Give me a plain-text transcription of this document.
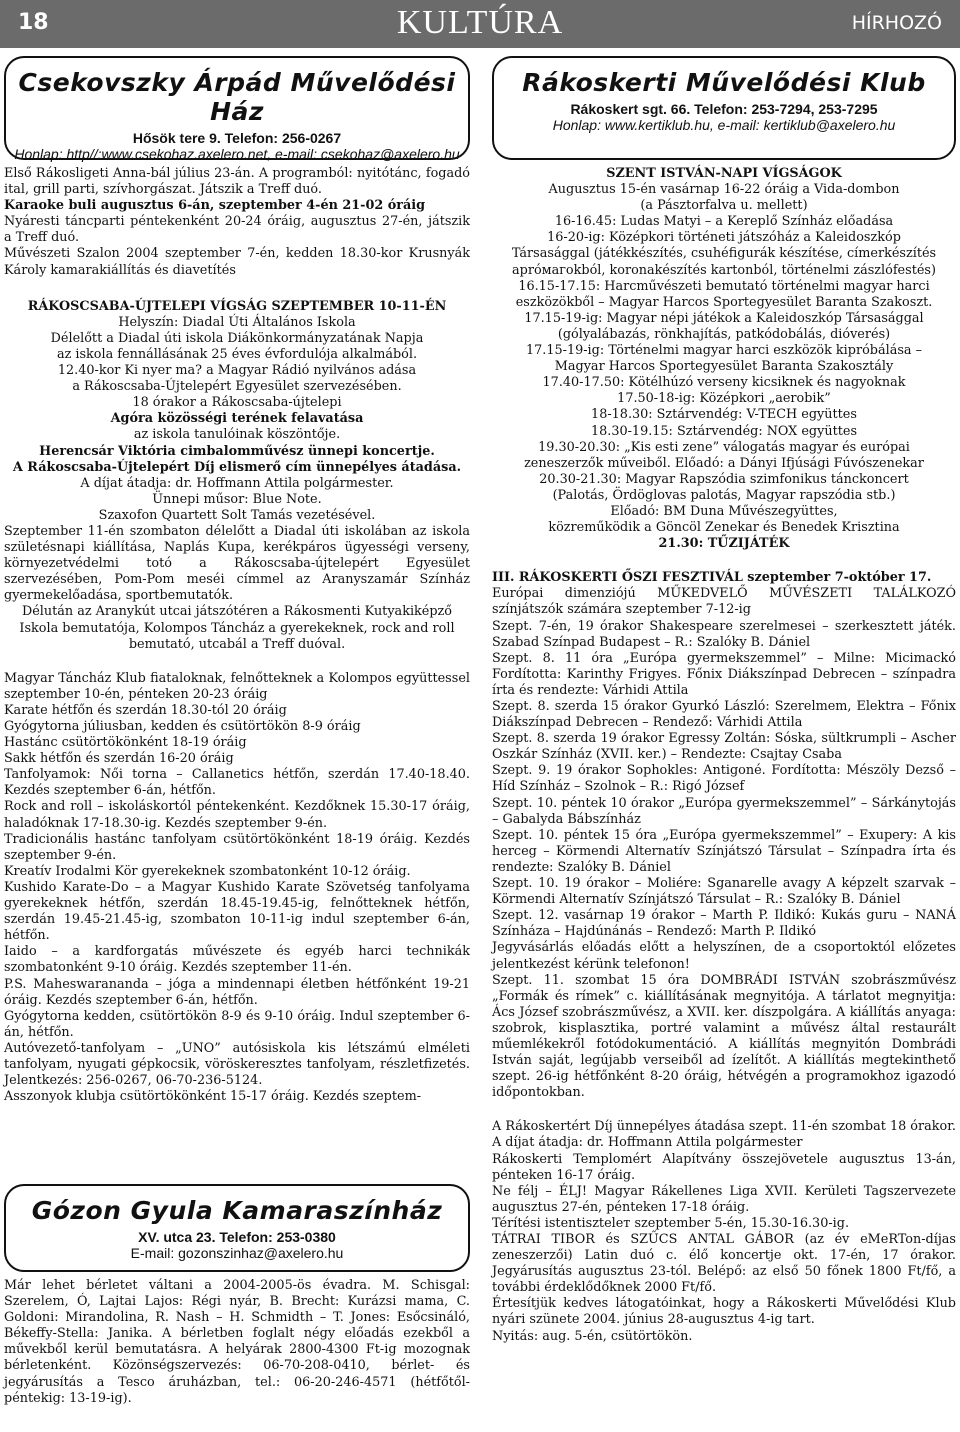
18	KULTÚRA	HÍRHOZÓ
Csekovszky Árpád Művelődési Ház
Hősök tere 9. Telefon: 256-0267
Honlap: http//:www.csekohaz.axelero.net, e-mail: csekohaz@axelero.hu

Első Rákosligeti Anna-bál július 23-án. A programból: nyitótánc, fogadó ital, grill parti, szívhorgászat. Játszik a Treff duó.

Karaoke buli augusztus 6-án, szeptember 4-én 21-02 óráig

Nyáresti táncparti péntekenként 20-24 óráig, augusztus 27-én, játszik a Treff duó.

Művészeti Szalon 2004 szeptember 7-én, kedden 18.30-kor Krusnyák Károly kamarakiállítás és diavetítés

RÁKOSCSABA-ÚJTELEPI VÍGSÁG SZEPTEMBER 10-11-ÉN

Helyszín: Diadal Úti Általános Iskola

Délelőtt a Diadal úti iskola Diákönkormányzatának Napja

az iskola fennállásának 25 éves évfordulója alkalmából.

12.40-kor Ki nyer ma? a Magyar Rádió nyilvános adása

a Rákoscsaba-Újtelepért Egyesület szervezésében.

18 órakor a Rákoscsaba-újtelepi

Agóra közösségi terének felavatása

az iskola tanulóinak köszöntője.

Herencsár Viktória cimbalomművész ünnepi koncertje.

A Rákoscsaba-Újtelepért Díj elismerő cím ünnepélyes átadása.

A díjat átadja: dr. Hoffmann Attila polgármester.

Ünnepi műsor: Blue Note.

Szaxofon Quartett Solt Tamás vezetésével.

Szeptember 11-én szombaton délelőtt a Diadal úti iskolában az iskola születésnapi kiállítása, Naplás Kupa, kerékpáros ügyességi verseny, környezetvédelmi totó a Rákoscsaba-újtelepért Egyesület szervezésében, Pom-Pom meséi címmel az Aranyszamár Színház gyermekelőadása, sportbemutatók.

Délután az Aranykút utcai játszótéren a Rákosmenti Kutyakiképző Iskola bemutatója, Kolompos Táncház a gyerekeknek, rock and roll bemutató, utcabál a Treff duóval.

Magyar Táncház Klub fiataloknak, felnőtteknek a Kolompos együttessel szeptember 10-én, pénteken 20-23 óráig

Karate hétfőn és szerdán 18.30-tól 20 óráig

Gyógytorna júliusban, kedden és csütörtökön 8-9 óráig

Hastánc csütörtökönként 18-19 óráig

Sakk hétfőn és szerdán 16-20 óráig

Tanfolyamok: Női torna – Callanetics hétfőn, szerdán 17.40-18.40. Kezdés szeptember 6-án, hétfőn.

Rock and roll – iskoláskortól péntekenként. Kezdőknek 15.30-17 óráig, haladóknak 17-18.30-ig. Kezdés szeptember 9-én.

Tradicionális hastánc tanfolyam csütörtökönként 18-19 óráig. Kezdés szeptember 9-én.

Kreatív Irodalmi Kör gyerekeknek szombatonként 10-12 óráig.

Kushido Karate-Do – a Magyar Kushido Karate Szövetség tanfolyama gyerekeknek hétfőn, szerdán 18.45-19.45-ig, felnőtteknek hétfőn, szerdán 19.45-21.45-ig, szombaton 10-11-ig indul szeptember 6-án, hétfőn.

Iaido – a kardforgatás művészete és egyéb harci technikák szombatonként 9-10 óráig. Kezdés szeptember 11-én.

P.S. Maheswarananda – jóga a mindennapi életben hétfőnként 19-21 óráig. Kezdés szeptember 6-án, hétfőn.

Gyógytorna kedden, csütörtökön 8-9 és 9-10 óráig. Indul szeptember 6-án, hétfőn.

Autóvezető-tanfolyam – „UNO” autósiskola kis létszámú elméleti tanfolyam, nyugati gépkocsik, vöröskeresztes tanfolyam, részletfizetés. Jelentkezés: 256-0267, 06-70-236-5124.

Asszonyok klubja csütörtökönként 15-17 óráig. Kezdés szeptem-

Gózon Gyula Kamaraszínház
XV. utca 23. Telefon: 253-0380
E-mail: gozonszinhaz@axelero.hu

Már lehet bérletet váltani a 2004-2005-ös évadra. M. Schisgal: Szerelem, Ó, Lajtai Lajos: Régi nyár, B. Brecht: Kurázsi mama, C. Goldoni: Mirandolina, R. Nash – H. Schmidth – T. Jones: Esőcsináló, Békeffy-Stella: Janika. A bérletben foglalt négy előadás ezekből a művekből kerül bemutatásra. A helyárak 2800-4300 Ft-ig mozognak bérletenként. Közönségszervezés: 06-70-208-0410, bérlet- és jegyárusítás a Tesco áruházban, tel.: 06-20-246-4571 (hétfőtől-péntekig: 13-19-ig).

Rákoskerti Művelődési Klub
Rákoskert sgt. 66. Telefon: 253-7294, 253-7295
Honlap: www.kertiklub.hu, e-mail: kertiklub@axelero.hu

SZENT ISTVÁN-NAPI VÍGSÁGOK

Augusztus 15-én vasárnap 16-22 óráig a Vida-dombon

(a Pásztorfalva u. mellett)

16-16.45: Ludas Matyi – a Kereplő Színház előadása

16-20-ig: Középkori történeti játszóház a Kaleidoszkóp

Társasággal (játékkészítés, csuhéfigurák készítése, címerkészítés

apróмагokból, koronakészítés kartonból, történelmi zászlófestés)

16.15-17.15: Harcművészeti bemutató történelmi magyar harci

eszközökből – Magyar Harcos Sportegyesület Baranta Szakoszt.

17.15-19-ig: Magyar népi játékok a Kaleidoszkóp Társasággal

(gólyalábazás, rönkhajítás, patkódobálás, dióverés)

17.15-19-ig: Történelmi magyar harci eszközök kipróbálása –

Magyar Harcos Sportegyesület Baranta Szakosztály

17.40-17.50: Kötélhúzó verseny kicsiknek és nagyoknak

17.50-18-ig: Középkori „aerobik”

18-18.30: Sztárvendég: V-TECH együttes

18.30-19.15: Sztárvendég: NOX együttes

19.30-20.30: „Kis esti zene” válogatás magyar és európai

zeneszerzők műveiből. Előadó: a Dányi Ifjúsági Fúvószenekar

20.30-21.30: Magyar Rapszódia szimfonikus tánckoncert

(Palotás, Ördöglovas palotás, Magyar rapszódia stb.)

Előadó: BM Duna Művészegyüttes,

közreműködik a Göncöl Zenekar és Benedek Krisztina

21.30: TŰZIJÁTÉK

III. RÁKOSKERTI ŐSZI FESZTIVÁL szeptember 7-október 17.

Európai dimenziójú MŰKEDVELŐ MŰVÉSZETI TALÁLKOZÓ színjátszók számára szeptember 7-12-ig

Szept. 7-én, 19 órakor Shakespeare szerelmesei – szerkesztett játék. Szabad Színpad Budapest – R.: Szalóky B. Dániel

Szept. 8. 11 óra „Európa gyermekszemmel” – Milne: Micimackó Fordította: Karinthy Frigyes. Főnix Diákszínpad Debrecen – színpadra írta és rendezte: Várhidi Attila

Szept. 8. szerda 15 órakor Gyurkó László: Szerelmem, Elektra – Főnix Diákszínpad Debrecen – Rendező: Várhidi Attila

Szept. 8. szerda 19 órakor Egressy Zoltán: Sóska, sültkrumpli – Ascher Oszkár Színház (XVII. ker.) – Rendezte: Csajtay Csaba

Szept. 9. 19 órakor Sophokles: Antigoné. Fordította: Mészöly Dezső – Híd Színház – Szolnok – R.: Rigó József

Szept. 10. péntek 10 órakor „Európa gyermekszemmel” – Sárkánytojás – Gabalyda Bábszínház

Szept. 10. péntek 15 óra „Európa gyermekszemmel” – Exupery: A kis herceg – Körmendi Alternatív Színjátszó Társulat – Színpadra írta és rendezte: Szalóky B. Dániel

Szept. 10. 19 órakor – Moliére: Sganarelle avagy A képzelt szarvak – Körmendi Alternatív Színjátszó Társulat – R.: Szalóky B. Dániel

Szept. 12. vasárnap 19 órakor – Marth P. Ildikó: Kukás guru – NANÁ Színháza – Hajdúnánás – Rendező: Marth P. Ildikó

Jegyvásárlás előadás előtt a helyszínen, de a csoportoktól előzetes jelentkezést kérünk telefonon!

Szept. 11. szombat 15 óra DOMBRÁDI ISTVÁN szobrászművész „Formák és rímek” c. kiállításának megnyitója. A tárlatot megnyitja: Ács József szobrászművész, a XVII. ker. díszpolgára. A kiállítás anyaga: szobrok, kisplasztika, portré valamint a művész által restaurált műemlékekről fotódokumentáció. A kiállítás megnyitón Dombrádi István saját, legújabb verseiből ad ízelítőt. A kiállítás megtekinthető szept. 26-ig hétfőnként 8-20 óráig, hétvégén a programokhoz igazodó időpontokban.

A Rákoskertért Díj ünnepélyes átadása szept. 11-én szombat 18 órakor. A díjat átadja: dr. Hoffmann Attila polgármester

Rákoskerti Templomért Alapítvány összejövetele augusztus 13-án, pénteken 16-17 óráig.

Ne félj – ÉLJ! Magyar Rákellenes Liga XVII. Kerületi Tagszervezete augusztus 27-én, pénteken 17-18 óráig.

Térítési istentiszteleт szeptember 5-én, 15.30-16.30-ig.

TÁTRAI TIBOR és SZŰCS ANTAL GÁBOR (az év eMeRTon-díjas zeneszerzői) Latin duó c. élő koncertje okt. 17-én, 17 órakor. Jegyárusítás augusztus 23-tól. Belépő: az első 50 főnek 1800 Ft/fő, a további érdeklődőknek 2000 Ft/fő.

Értesítjük kedves látogatóinkat, hogy a Rákoskerti Művelődési Klub nyári szünete 2004. június 28-augusztus 4-ig tart.

Nyitás: aug. 5-én, csütörtökön.
